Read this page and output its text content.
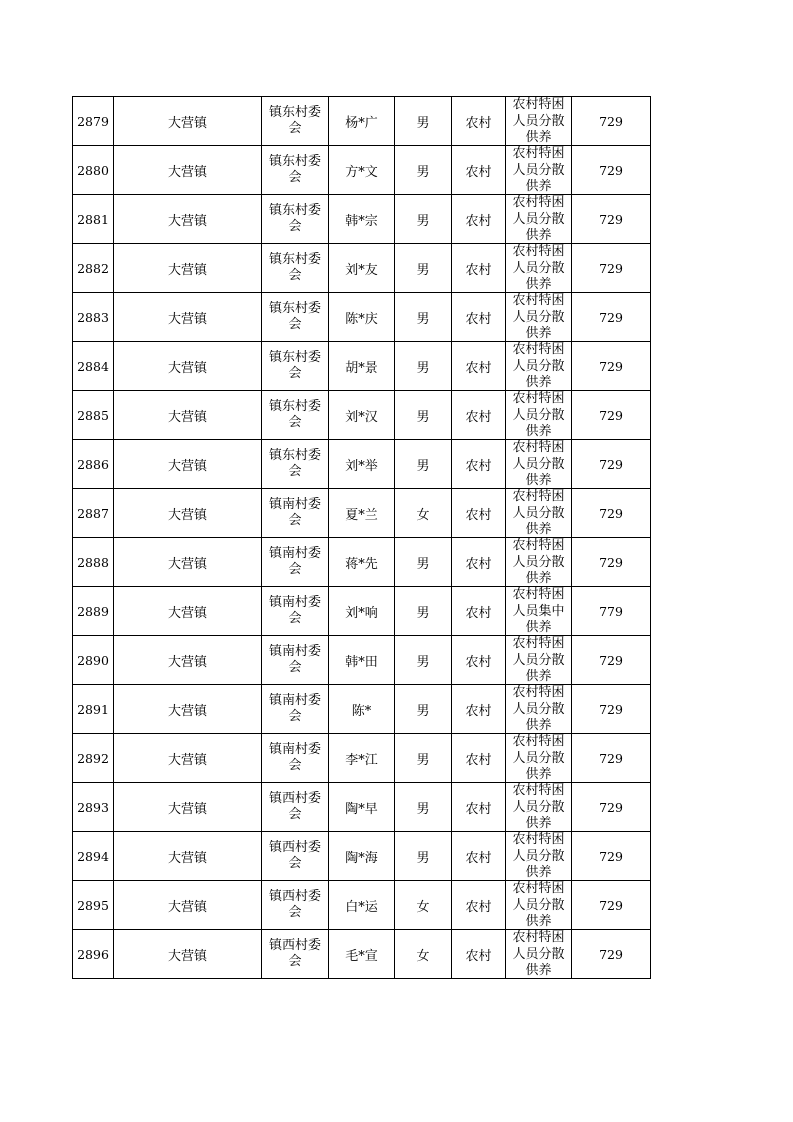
2879	大营镇	镇东村委会	杨*广	男	农村	农村特困人员分散供养	729
2880	大营镇	镇东村委会	方*文	男	农村	农村特困人员分散供养	729
2881	大营镇	镇东村委会	韩*宗	男	农村	农村特困人员分散供养	729
2882	大营镇	镇东村委会	刘*友	男	农村	农村特困人员分散供养	729
2883	大营镇	镇东村委会	陈*庆	男	农村	农村特困人员分散供养	729
2884	大营镇	镇东村委会	胡*景	男	农村	农村特困人员分散供养	729
2885	大营镇	镇东村委会	刘*汉	男	农村	农村特困人员分散供养	729
2886	大营镇	镇东村委会	刘*举	男	农村	农村特困人员分散供养	729
2887	大营镇	镇南村委会	夏*兰	女	农村	农村特困人员分散供养	729
2888	大营镇	镇南村委会	蒋*先	男	农村	农村特困人员分散供养	729
2889	大营镇	镇南村委会	刘*响	男	农村	农村特困人员集中供养	779
2890	大营镇	镇南村委会	韩*田	男	农村	农村特困人员分散供养	729
2891	大营镇	镇南村委会	陈*	男	农村	农村特困人员分散供养	729
2892	大营镇	镇南村委会	李*江	男	农村	农村特困人员分散供养	729
2893	大营镇	镇西村委会	陶*早	男	农村	农村特困人员分散供养	729
2894	大营镇	镇西村委会	陶*海	男	农村	农村特困人员分散供养	729
2895	大营镇	镇西村委会	白*运	女	农村	农村特困人员分散供养	729
2896	大营镇	镇西村委会	毛*宣	女	农村	农村特困人员分散供养	729
